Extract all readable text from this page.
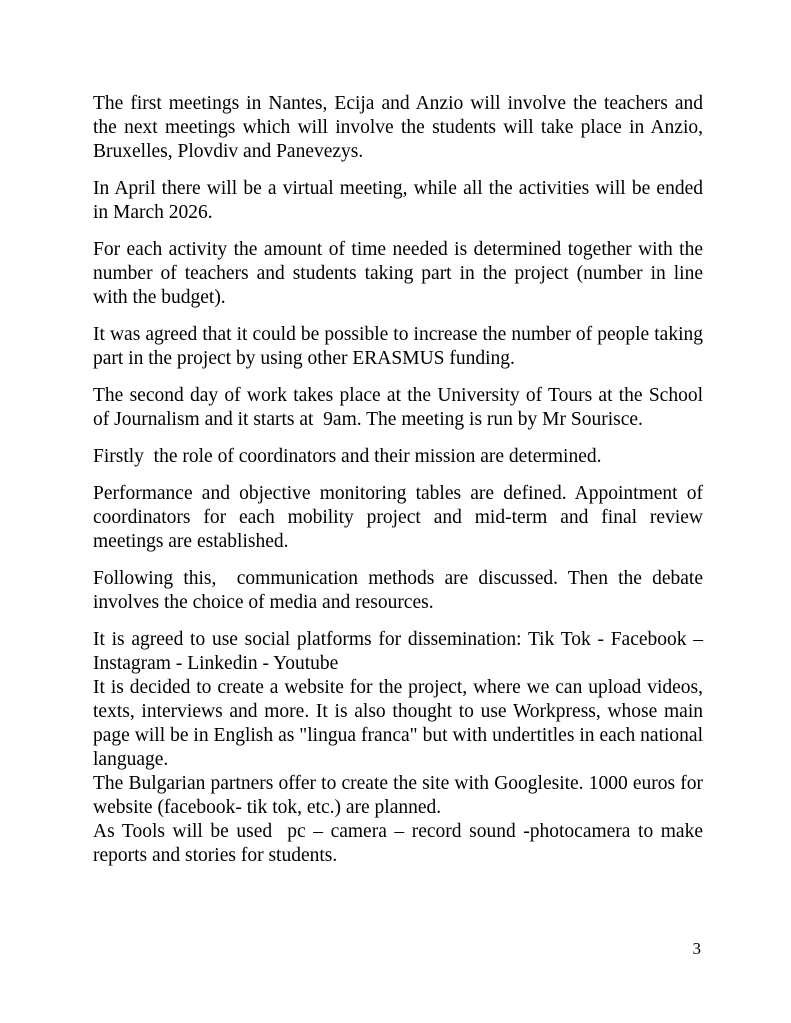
The first meetings in Nantes, Ecija and Anzio will involve the teachers and the next meetings which will involve the students will take place in Anzio, Bruxelles, Plovdiv and Panevezys.

In April there will be a virtual meeting, while all the activities will be ended in March 2026.

For each activity the amount of time needed is determined together with the number of teachers and students taking part in the project (number in line with the budget).

It was agreed that it could be possible to increase the number of people taking part in the project by using other ERASMUS funding.

The second day of work takes place at the University of Tours at the School of Journalism and it starts at  9am. The meeting is run by Mr Sourisce.

Firstly  the role of coordinators and their mission are determined.

Performance and objective monitoring tables are defined. Appointment of coordinators for each mobility project and mid-term and final review meetings are established.

Following this,  communication methods are discussed. Then the debate involves the choice of media and resources.

It is agreed to use social platforms for dissemination: Tik Tok - Facebook – Instagram - Linkedin - Youtube

It is decided to create a website for the project, where we can upload videos, texts, interviews and more. It is also thought to use Workpress, whose main page will be in English as "lingua franca" but with undertitles in each national language.

The Bulgarian partners offer to create the site with Googlesite. 1000 euros for website (facebook- tik tok, etc.) are planned.

As Tools will be used  pc – camera – record sound -photocamera to make reports and stories for students.

3
